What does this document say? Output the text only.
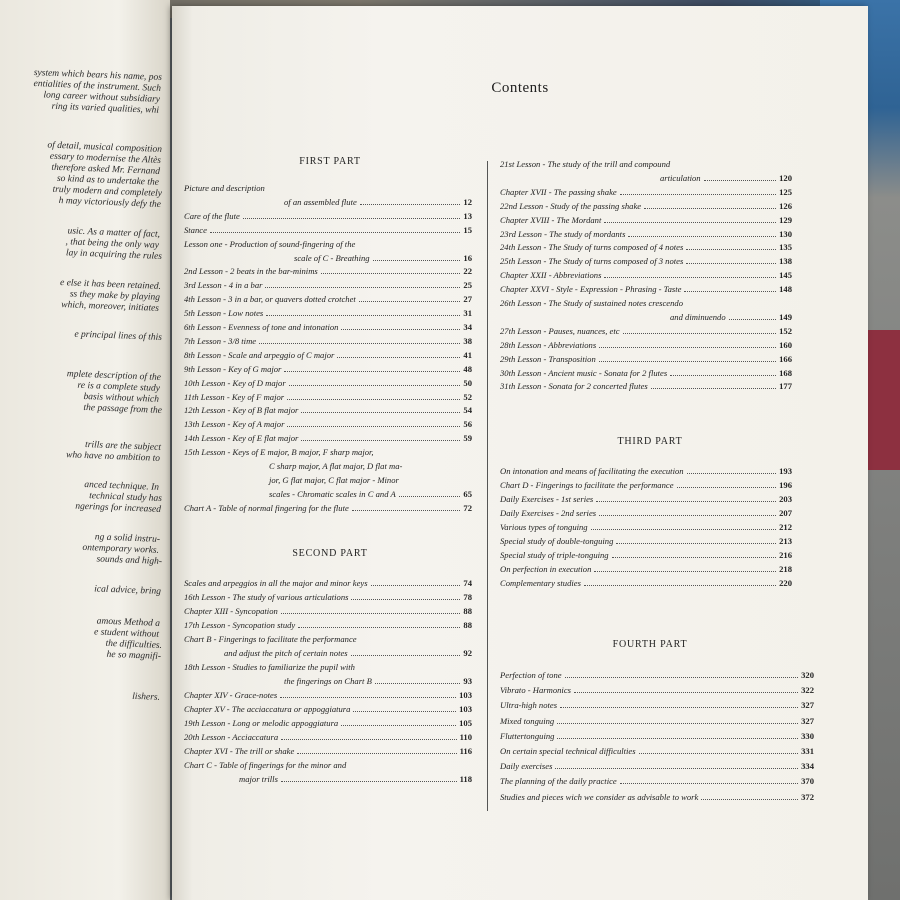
system which bears his name, pos
entialities of the instrument. Such
long career without subsidiary
ring its varied qualities, whi
of detail, musical composition
essary to modernise the Altès
therefore asked Mr. Fernand
so kind as to undertake the
truly modern and completely
h may victoriously defy the
usic. As a matter of fact,
, that being the only way
lay in acquiring the rules
e else it has been retained.
ss they make by playing
which, moreover, initiates
e principal lines of this
mplete description of the
re is a complete study
basis without which
the passage from the
trills are the subject
who have no ambition to
anced technique. In
technical study has
ngerings for increased
ng a solid instru-
ontemporary works.
sounds and high-
ical advice, bring
amous Method a
e student without
the difficulties.
he so magnifi-
lishers.
Contents
FIRST PART
Picture and description
of an assembled flute	12
Care of the flute	13
Stance	15
Lesson one - Production of sound-fingering of the
scale of C - Breathing	16
2nd Lesson - 2 beats in the bar-minims	22
3rd Lesson - 4 in a bar	25
4th Lesson - 3 in a bar, or quavers dotted crotchet	27
5th Lesson - Low notes	31
6th Lesson - Evenness of tone and intonation	34
7th Lesson - 3/8 time	38
8th Lesson - Scale and arpeggio of C major	41
9th Lesson - Key of G major	48
10th Lesson - Key of D major	50
11th Lesson - Key of F major	52
12th Lesson - Key of B flat major	54
13th Lesson - Key of A major	56
14th Lesson - Key of E flat major	59
15th Lesson - Keys of E major, B major, F sharp major,
C sharp major, A flat major, D flat ma-
jor, G flat major, C flat major - Minor
scales - Chromatic scales in C and A	65
Chart A - Table of normal fingering for the flute	72
SECOND PART
Scales and arpeggios in all the major and minor keys	74
16th Lesson - The study of various articulations	78
Chapter XIII - Syncopation	88
17th Lesson - Syncopation study	88
Chart B - Fingerings to facilitate the performance
and adjust the pitch of certain notes	92
18th Lesson - Studies to familiarize the pupil with
the fingerings on Chart B	93
Chapter XIV - Grace-notes	103
Chapter XV - The acciaccatura or appoggiatura	103
19th Lesson - Long or melodic appoggiatura	105
20th Lesson - Acciaccatura	110
Chapter XVI - The trill or shake	116
Chart C - Table of fingerings for the minor and
major trills	118
21st Lesson - The study of the trill and compound
articulation	120
Chapter XVII - The passing shake	125
22nd Lesson - Study of the passing shake	126
Chapter XVIII - The Mordant	129
23rd Lesson - The study of mordants	130
24th Lesson - The Study of turns composed of 4 notes	135
25th Lesson - The Study of turns composed of 3 notes	138
Chapter XXII - Abbreviations	145
Chapter XXVI - Style - Expression - Phrasing - Taste	148
26th Lesson - The Study of sustained notes crescendo
and diminuendo	149
27th Lesson - Pauses, nuances, etc	152
28th Lesson - Abbreviations	160
29th Lesson - Transposition	166
30th Lesson - Ancient music - Sonata for 2 flutes	168
31th Lesson - Sonata for 2 concerted flutes	177
THIRD PART
On intonation and means of facilitating the execution	193
Chart D - Fingerings to facilitate the performance	196
Daily Exercises - 1st series	203
Daily Exercises - 2nd series	207
Various types of tonguing	212
Special study of double-tonguing	213
Special study of triple-tonguing	216
On perfection in execution	218
Complementary studies	220
FOURTH PART
Perfection of tone	320
Vibrato - Harmonics	322
Ultra-high notes	327
Mixed tonguing	327
Fluttertonguing	330
On certain special technical difficulties	331
Daily exercises	334
The planning of the daily practice	370
Studies and pieces wich we consider as advisable to work	372
